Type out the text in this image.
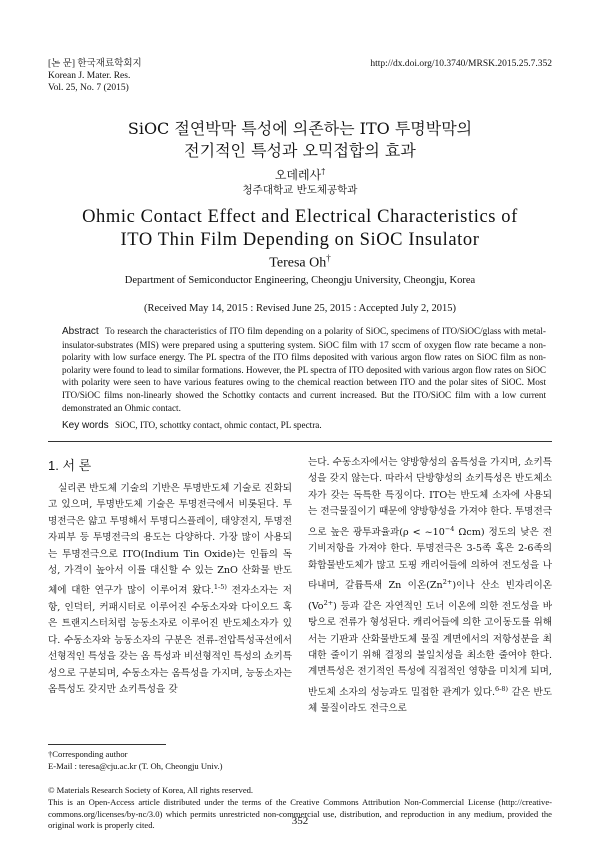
[논 문] 한국재료학회지
Korean J. Mater. Res.
Vol. 25, No. 7 (2015)
http://dx.doi.org/10.3740/MRSK.2015.25.7.352
SiOC 절연박막 특성에 의존하는 ITO 투명박막의
전기적인 특성과 오믹접합의 효과
오데레사†
청주대학교 반도체공학과
Ohmic Contact Effect and Electrical Characteristics of
ITO Thin Film Depending on SiOC Insulator
Teresa Oh†
Department of Semiconductor Engineering, Cheongju University, Cheongju, Korea
(Received May 14, 2015 : Revised June 25, 2015 : Accepted July 2, 2015)
Abstract To research the characteristics of ITO film depending on a polarity of SiOC, specimens of ITO/SiOC/glass with metal-insulator-substrates (MIS) were prepared using a sputtering system. SiOC film with 17 sccm of oxygen flow rate became a non-polarity with low surface energy. The PL spectra of the ITO films deposited with various argon flow rates on SiOC film as non-polarity were found to lead to similar formations. However, the PL spectra of ITO deposited with various argon flow rates on SiOC with polarity were seen to have various features owing to the chemical reaction between ITO and the polar sites of SiOC. Most ITO/SiOC films non-linearly showed the Schottky contacts and current increased. But the ITO/SiOC film with a low current demonstrated an Ohmic contact.
Key words SiOC, ITO, schottky contact, ohmic contact, PL spectra.
1. 서 론

실리콘 반도체 기술의 기반은 투명반도체 기술로 진화되고 있으며, 투명반도체 기술은 투명전극에서 비롯된다. 투명전극은 얇고 투명해서 투명디스플레이, 태양전지, 투명전자피부 등 투명전극의 용도는 다양하다. 가장 많이 사용되는 투명전극으로 ITO(Indium Tin Oxide)는 인듐의 독성, 가격이 높아서 이를 대신할 수 있는 ZnO 산화물 반도체에 대한 연구가 많이 이루어져 왔다.$^{1-5)}$ 전자소자는 저항, 인덕터, 커패시터로 이루어진 수동소자와 다이오드 혹은 트랜지스터처럼 능동소자로 이루어진 반도체소자가 있다. 수동소자와 능동소자의 구분은 전류-전압특성곡선에서 선형적인 특성을 갖는 옴 특성과 비선형적인 특성의 쇼키특성으로 구분되며, 수동소자는 옴특성을 가지며, 능동소자는 옴특성도 갖지만 쇼키특성을 갖

는다. 수동소자에서는 양방향성의 옴특성을 가지며, 쇼키특성을 갖지 않는다. 따라서 단방향성의 쇼키특성은 반도체소자가 갖는 독특한 특징이다. ITO는 반도체 소자에 사용되는 전극물질이기 때문에 양방향성을 가져야 한다. 투명전극으로 높은 광투과율과($\rho < \sim 10^{-4}$ Ωcm) 정도의 낮은 전기비저항을 가져야 한다. 투명전극은 3-5족 혹은 2-6족의 화합물반도체가 많고 도핑 캐리어들에 의하여 전도성을 나타내며, 갈륨특새 Zn 이온$(Zn^{2+})$이나 산소 빈자리이온$(Vo^{2+})$ 등과 같은 자연적인 도너 이온에 의한 전도성을 바탕으로 전류가 형성된다. 캐리어들에 의한 고이동도를 위해서는 기판과 산화물반도체 물질 계면에서의 저항성분을 최대한 줄이기 위해 결정의 불일치성을 최소한 줄여야 한다. 계면특성은 전기적인 특성에 직접적인 영향을 미치게 되며, 반도체 소자의 성능과도 밀접한 관계가 있다.$^{6-8)}$ 같은 반도체 물질이라도 전극으로

†Corresponding author
E-Mail : teresa@cju.ac.kr (T. Oh, Cheongju Univ.)
© Materials Research Society of Korea, All rights reserved.
This is an Open-Access article distributed under the terms of the Creative Commons Attribution Non-Commercial License (http://creative-commons.org/licenses/by-nc/3.0) which permits unrestricted non-commercial use, distribution, and reproduction in any medium, provided the original work is properly cited.	352
